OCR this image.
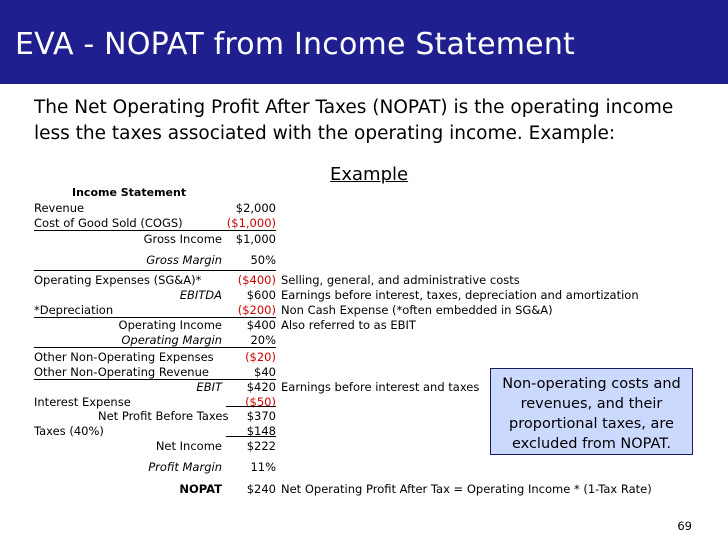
EVA - NOPAT from Income Statement
The Net Operating Profit After Taxes (NOPAT) is the operating income
less the taxes associated with the operating income. Example:
Example
Income Statement
Revenue	$2,000
Cost of Good Sold (COGS)	($1,000)
Gross Income $1,000
Gross Margin 50%
Operating Expenses (SG&A)*	($400) Selling, general, and administrative costs
EBITDA $600 Earnings before interest, taxes, depreciation and amortization
*Depreciation	($200) Non Cash Expense (*often embedded in SG&A)
Operating Income $400 Also referred to as EBIT
Operating Margin 20%
Other Non-Operating Expenses	($20)
Other Non-Operating Revenue	$40
EBIT $420 Earnings before interest and taxes
Interest Expense	($50)
Net Profit Before Taxes $370
Taxes (40%)	$148
Net Income $222
Profit Margin 11%
NOPAT $240 Net Operating Profit After Tax = Operating Income * (1-Tax Rate)
Non-operating costs and
revenues, and their
proportional taxes, are
excluded from NOPAT.
69
